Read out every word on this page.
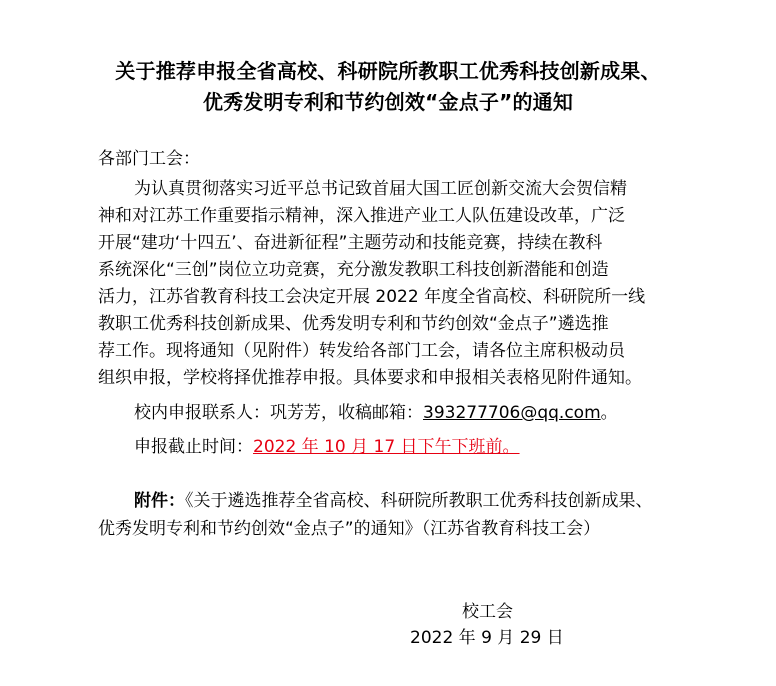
关于推荐申报全省高校、科研院所教职工优秀科技创新成果、
优秀发明专利和节约创效“金点子”的通知
各部门工会：
为认真贯彻落实习近平总书记致首届大国工匠创新交流大会贺信精
神和对江苏工作重要指示精神，深入推进产业工人队伍建设改革，广泛
开展“建功‘十四五’、奋进新征程”主题劳动和技能竞赛，持续在教科
系统深化“三创”岗位立功竞赛，充分激发教职工科技创新潜能和创造
活力，江苏省教育科技工会决定开展 2022 年度全省高校、科研院所一线
教职工优秀科技创新成果、优秀发明专利和节约创效“金点子”遴选推
荐工作。现将通知（见附件）转发给各部门工会，请各位主席积极动员
组织申报，学校将择优推荐申报。具体要求和申报相关表格见附件通知。
校内申报联系人：巩芳芳，收稿邮箱：393277706@qq.com。
申报截止时间：2022 年 10 月 17 日下午下班前。
附件：《关于遴选推荐全省高校、科研院所教职工优秀科技创新成果、
优秀发明专利和节约创效“金点子”的通知》（江苏省教育科技工会）
校工会
2022 年 9 月 29 日
